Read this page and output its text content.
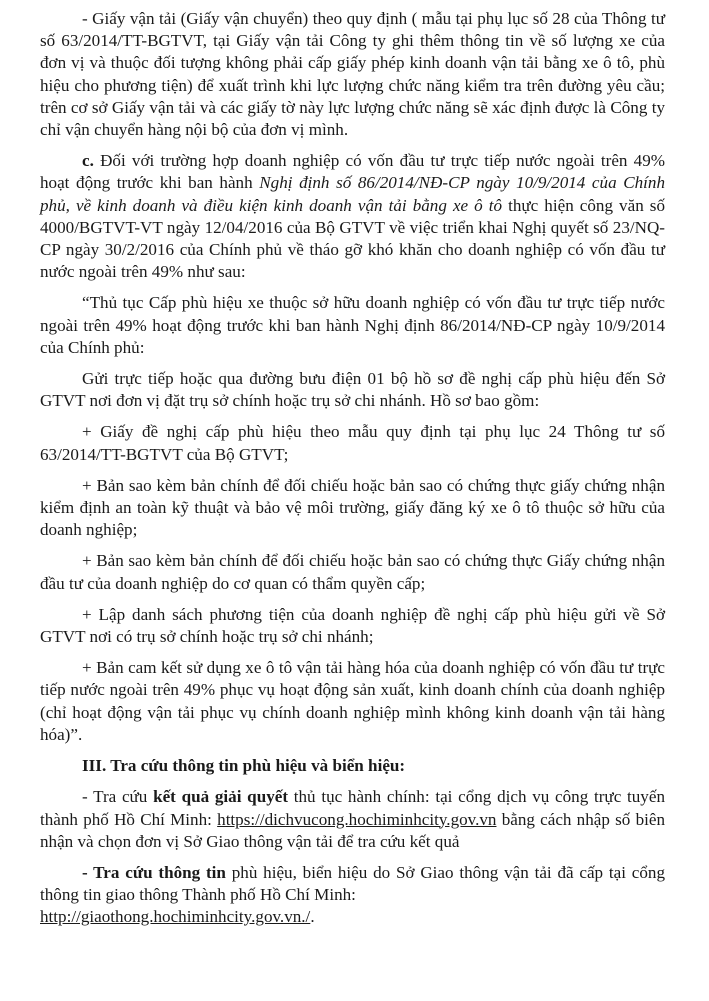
- Giấy vận tải (Giấy vận chuyển) theo quy định ( mẫu tại phụ lục số 28 của Thông tư số 63/2014/TT-BGTVT, tại Giấy vận tải Công ty ghi thêm thông tin về số lượng xe của đơn vị và thuộc đối tượng không phải cấp giấy phép kinh doanh vận tải bằng xe ô tô, phù hiệu cho phương tiện) để xuất trình khi lực lượng chức năng kiểm tra trên đường yêu cầu; trên cơ sở Giấy vận tải và các giấy tờ này lực lượng chức năng sẽ xác định được là Công ty chỉ vận chuyển hàng nội bộ của đơn vị mình.

c. Đối với trường hợp doanh nghiệp có vốn đầu tư trực tiếp nước ngoài trên 49% hoạt động trước khi ban hành Nghị định số 86/2014/NĐ-CP ngày 10/9/2014 của Chính phủ, về kinh doanh và điều kiện kinh doanh vận tải bằng xe ô tô thực hiện công văn số 4000/BGTVT-VT ngày 12/04/2016 của Bộ GTVT về việc triển khai Nghị quyết số 23/NQ-CP ngày 30/2/2016 của Chính phủ về tháo gỡ khó khăn cho doanh nghiệp có vốn đầu tư nước ngoài trên 49% như sau:

“Thủ tục Cấp phù hiệu xe thuộc sở hữu doanh nghiệp có vốn đầu tư trực tiếp nước ngoài trên 49% hoạt động trước khi ban hành Nghị định 86/2014/NĐ-CP ngày 10/9/2014 của Chính phủ:

Gửi trực tiếp hoặc qua đường bưu điện 01 bộ hồ sơ đề nghị cấp phù hiệu đến Sở GTVT nơi đơn vị đặt trụ sở chính hoặc trụ sở chi nhánh. Hồ sơ bao gồm:

+ Giấy đề nghị cấp phù hiệu theo mẫu quy định tại phụ lục 24 Thông tư số 63/2014/TT-BGTVT của Bộ GTVT;

+ Bản sao kèm bản chính để đối chiếu hoặc bản sao có chứng thực giấy chứng nhận kiểm định an toàn kỹ thuật và bảo vệ môi trường, giấy đăng ký xe ô tô thuộc sở hữu của doanh nghiệp;

+ Bản sao kèm bản chính để đối chiếu hoặc bản sao có chứng thực Giấy chứng nhận đầu tư của doanh nghiệp do cơ quan có thẩm quyền cấp;

+ Lập danh sách phương tiện của doanh nghiệp đề nghị cấp phù hiệu gửi về Sở GTVT nơi có trụ sở chính hoặc trụ sở chi nhánh;

+ Bản cam kết sử dụng xe ô tô vận tải hàng hóa của doanh nghiệp có vốn đầu tư trực tiếp nước ngoài trên 49% phục vụ hoạt động sản xuất, kinh doanh chính của doanh nghiệp (chỉ hoạt động vận tải phục vụ chính doanh nghiệp mình không kinh doanh vận tải hàng hóa)”.

III. Tra cứu thông tin phù hiệu và biển hiệu:

- Tra cứu kết quả giải quyết thủ tục hành chính: tại cổng dịch vụ công trực tuyến thành phố Hồ Chí Minh: https://dichvucong.hochiminhcity.gov.vn bằng cách nhập số biên nhận và chọn đơn vị Sở Giao thông vận tải để tra cứu kết quả

- Tra cứu thông tin phù hiệu, biển hiệu do Sở Giao thông vận tải đã cấp tại cổng thông tin giao thông Thành phố Hồ Chí Minh:

http://giaothong.hochiminhcity.gov.vn./.
